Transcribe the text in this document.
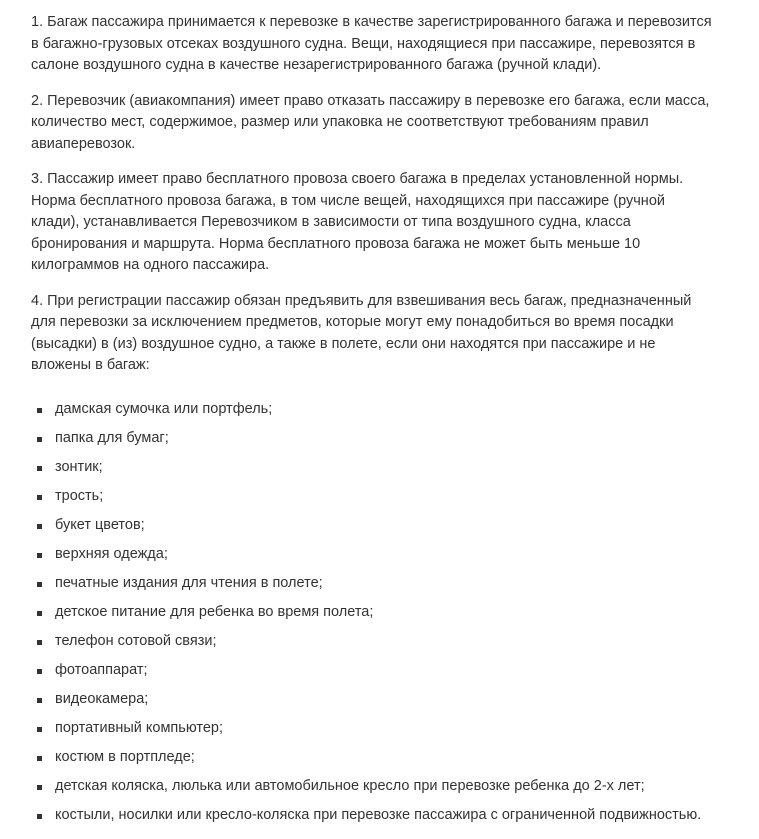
1. Багаж пассажира принимается к перевозке в качестве зарегистрированного багажа и перевозится
в багажно-грузовых отсеках воздушного судна. Вещи, находящиеся при пассажире, перевозятся в
салоне воздушного судна в качестве незарегистрированного багажа (ручной клади).

2. Перевозчик (авиакомпания) имеет право отказать пассажиру в перевозке его багажа, если масса,
количество мест, содержимое, размер или упаковка не соответствуют требованиям правил
авиаперевозок.

3. Пассажир имеет право бесплатного провоза своего багажа в пределах установленной нормы.
Норма бесплатного провоза багажа, в том числе вещей, находящихся при пассажире (ручной
клади), устанавливается Перевозчиком в зависимости от типа воздушного судна, класса
бронирования и маршрута. Норма бесплатного провоза багажа не может быть меньше 10
килограммов на одного пассажира.

4. При регистрации пассажир обязан предъявить для взвешивания весь багаж, предназначенный
для перевозки за исключением предметов, которые могут ему понадобиться во время посадки
(высадки) в (из) воздушное судно, а также в полете, если они находятся при пассажире и не
вложены в багаж:

дамская сумочка или портфель;
папка для бумаг;
зонтик;
трость;
букет цветов;
верхняя одежда;
печатные издания для чтения в полете;
детское питание для ребенка во время полета;
телефон сотовой связи;
фотоаппарат;
видеокамера;
портативный компьютер;
костюм в портпледе;
детская коляска, люлька или автомобильное кресло при перевозке ребенка до 2-х лет;
костыли, носилки или кресло-коляска при перевозке пассажира с ограниченной подвижностью.
